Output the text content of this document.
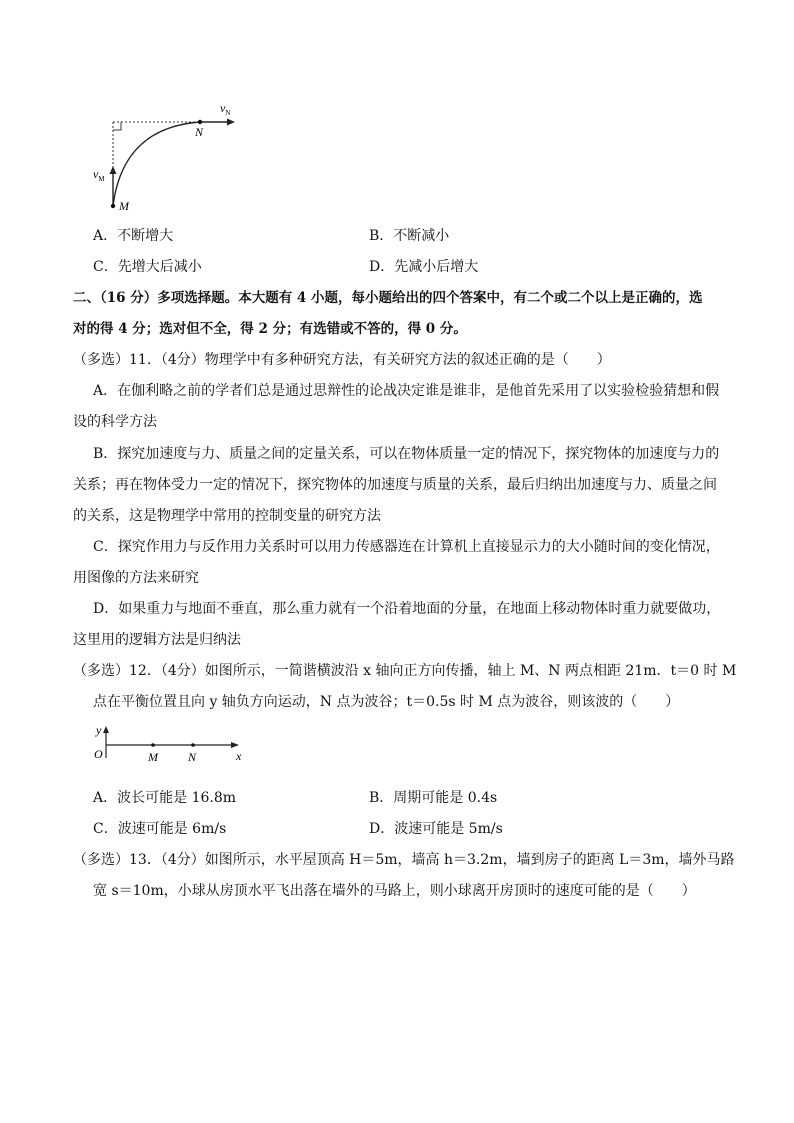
$v_N$
N
$v_M$
M
A．不断增大	B．不断减小
C．先增大后减小	D．先减小后增大
二、（16 分）多项选择题。本大题有 4 小题，每小题给出的四个答案中，有二个或二个以上是正确的，选
对的得 4 分；选对但不全，得 2 分；有选错或不答的，得 0 分。
（多选）11．（4分）物理学中有多种研究方法，有关研究方法的叙述正确的是（　　）
A．在伽利略之前的学者们总是通过思辩性的论战决定谁是谁非，是他首先采用了以实验检验猜想和假
设的科学方法
B．探究加速度与力、质量之间的定量关系，可以在物体质量一定的情况下，探究物体的加速度与力的
关系；再在物体受力一定的情况下，探究物体的加速度与质量的关系，最后归纳出加速度与力、质量之间
的关系，这是物理学中常用的控制变量的研究方法
C．探究作用力与反作用力关系时可以用力传感器连在计算机上直接显示力的大小随时间的变化情况，
用图像的方法来研究
D．如果重力与地面不垂直，那么重力就有一个沿着地面的分量，在地面上移动物体时重力就要做功，
这里用的逻辑方法是归纳法
（多选）12．（4分）如图所示，一简谐横波沿 x 轴向正方向传播，轴上 M、N 两点相距 21m．t＝0 时 M
点在平衡位置且向 y 轴负方向运动，N 点为波谷；t＝0.5s 时 M 点为波谷，则该波的（　　）
y
O	M	N	x
A．波长可能是 16.8m	B．周期可能是 0.4s
C．波速可能是 6m/s	D．波速可能是 5m/s
（多选）13．（4分）如图所示，水平屋顶高 H＝5m，墙高 h＝3.2m，墙到房子的距离 L＝3m，墙外马路
宽 s＝10m，小球从房顶水平飞出落在墙外的马路上，则小球离开房顶时的速度可能的是（　　）
